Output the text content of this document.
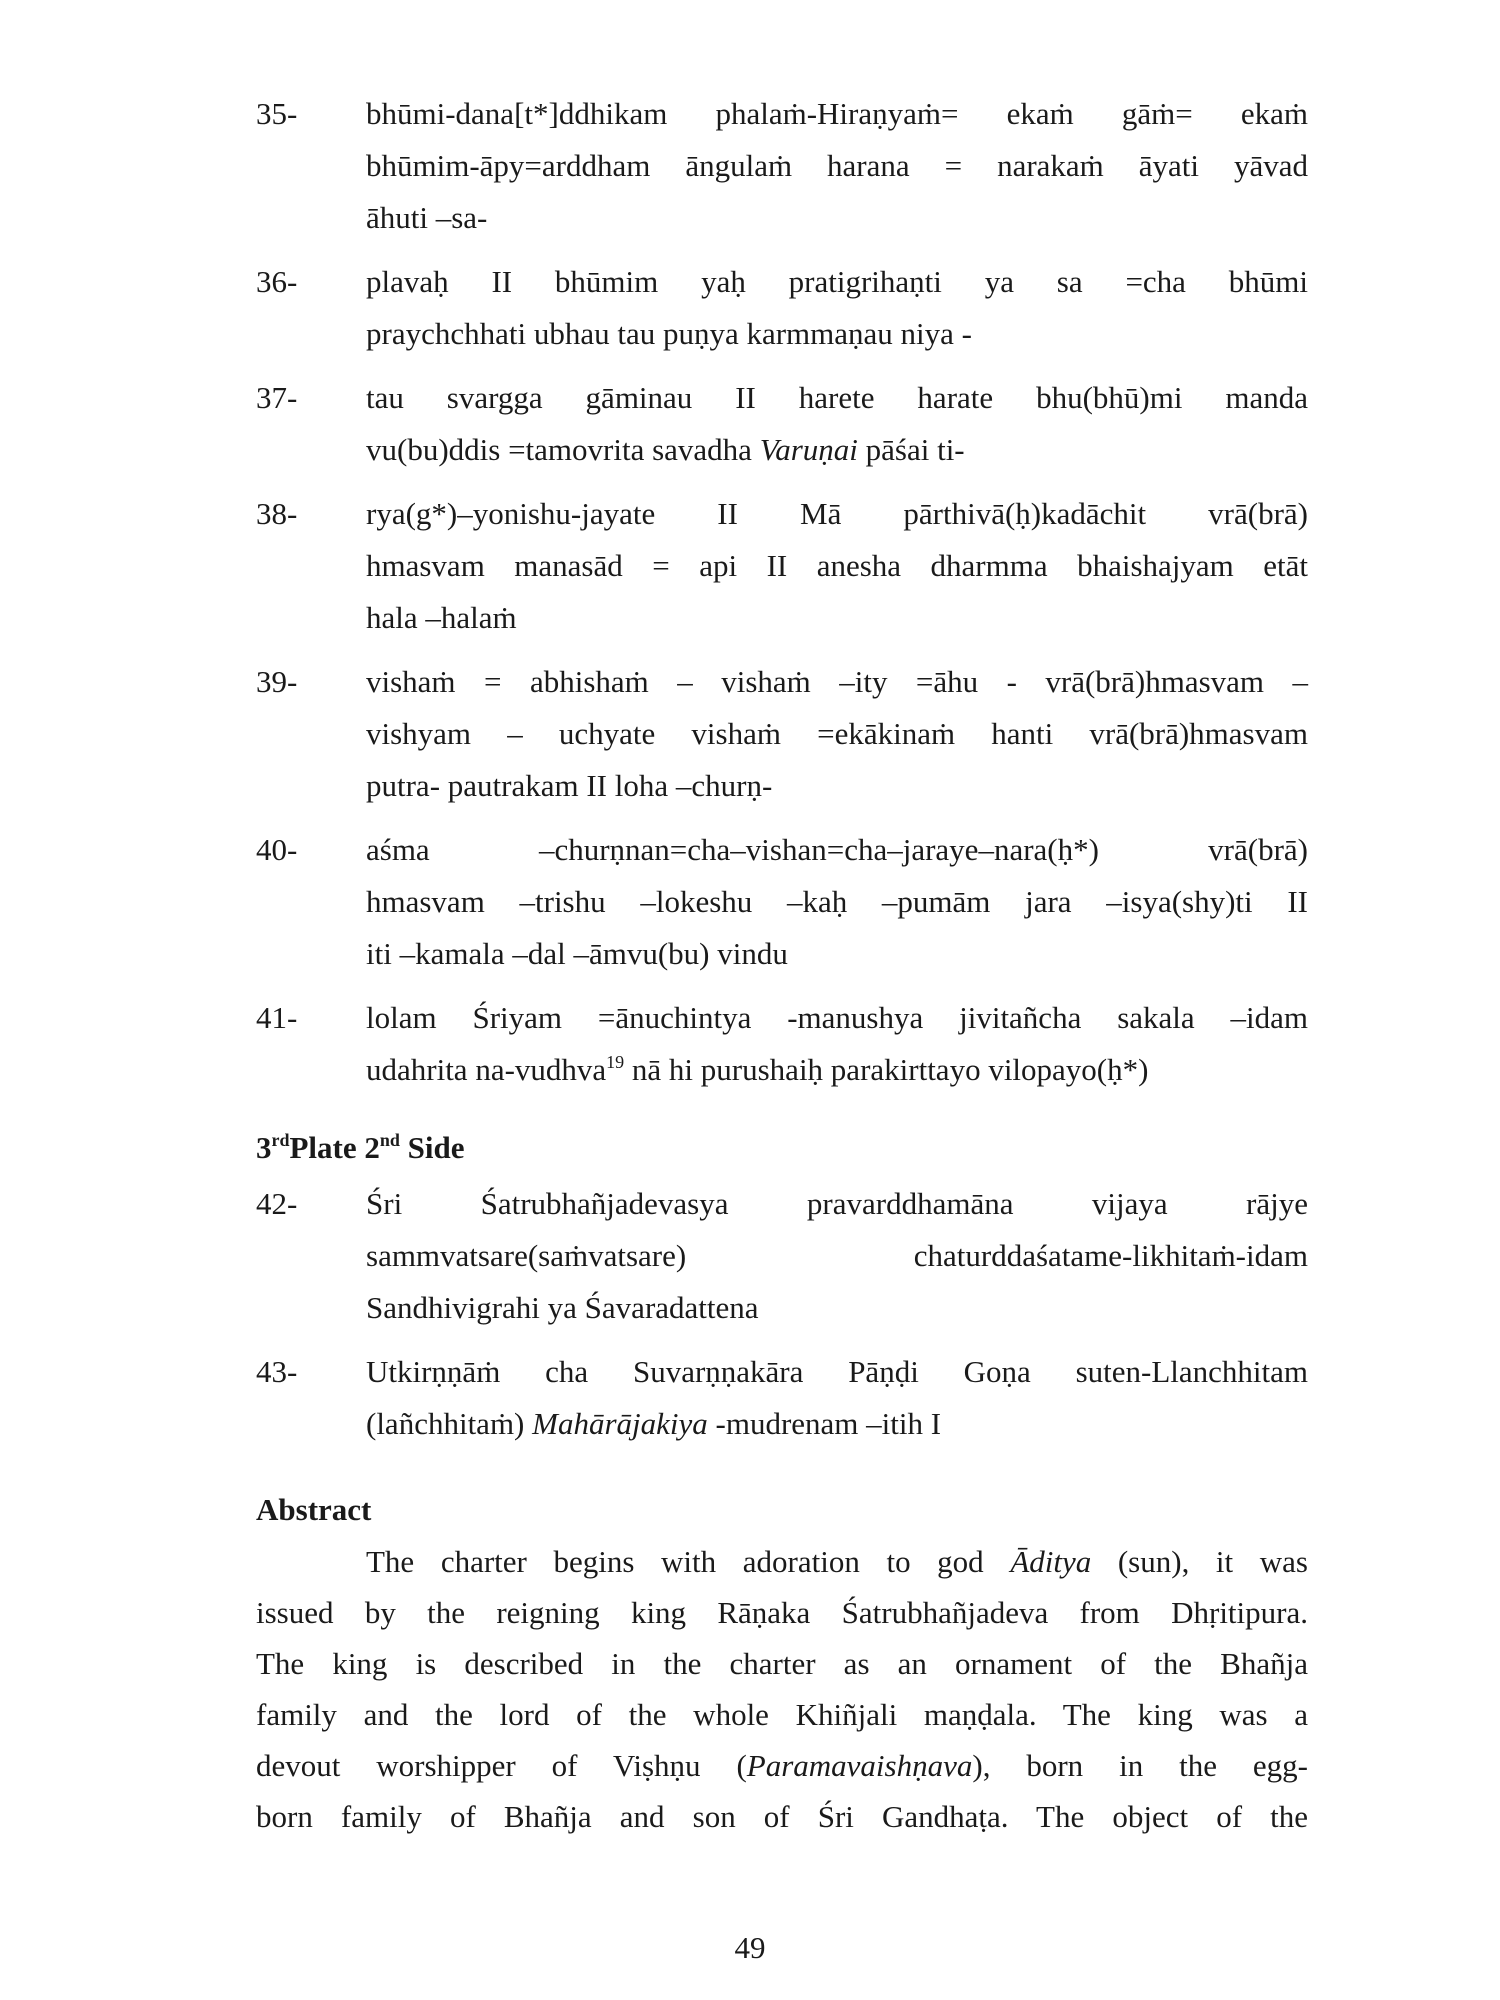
35-	bhūmi-dana[t*]ddhikam phalaṁ-Hiraṇyaṁ= ekaṁ gāṁ= ekaṁ
bhūmim-āpy=arddham āngulaṁ harana = narakaṁ āyati yāvad
āhuti –sa-
36-	plavaḥ II bhūmim yaḥ pratigrihaṇti ya sa =cha bhūmi
praychchhati ubhau tau puṇya karmmaṇau niya -
37-	tau svargga gāminau II harete harate bhu(bhū)mi manda
vu(bu)ddis =tamovrita savadha Varuṇai pāśai ti-
38-	rya(g*)–yonishu-jayate II Mā pārthivā(ḥ)kadāchit vrā(brā)
hmasvam manasād = api II anesha dharmma bhaishajyam etāt
hala –halaṁ
39-	vishaṁ = abhishaṁ – vishaṁ –ity =āhu - vrā(brā)hmasvam –
vishyam – uchyate vishaṁ =ekākinaṁ hanti vrā(brā)hmasvam
putra- pautrakam II loha –churṇ-
40-	aśma –churṇnan=cha–vishan=cha–jaraye–nara(ḥ*) vrā(brā)
hmasvam –trishu –lokeshu –kaḥ –pumām jara –isya(shy)ti II
iti –kamala –dal –āmvu(bu) vindu
41-	lolam Śriyam =ānuchintya -manushya jivitañcha sakala –idam
udahrita na-vudhva$^{19}$ nā hi purushaiḥ parakirttayo vilopayo(ḥ*)
3rdPlate 2nd Side
42-	Śri Śatrubhañjadevasya pravarddhamāna vijaya rājye
sammvatsare(saṁvatsare) chaturddaśatame-likhitaṁ-idam
Sandhivigrahi ya Śavaradattena
43-	Utkirṇṇāṁ cha Suvarṇṇakāra Pāṇḍi Goṇa suten-Llanchhitam
(lañchhitaṁ) Mahārājakiya -mudrenam –itih I
Abstract
The charter begins with adoration to god Āditya (sun), it was
issued by the reigning king Rāṇaka Śatrubhañjadeva from Dhṛitipura.
The king is described in the charter as an ornament of the Bhañja
family and the lord of the whole Khiñjali maṇḍala. The king was a
devout worshipper of Viṣhṇu (Paramavaishṇava), born in the egg-
born family of Bhañja and son of Śri Gandhaṭa. The object of the
49
